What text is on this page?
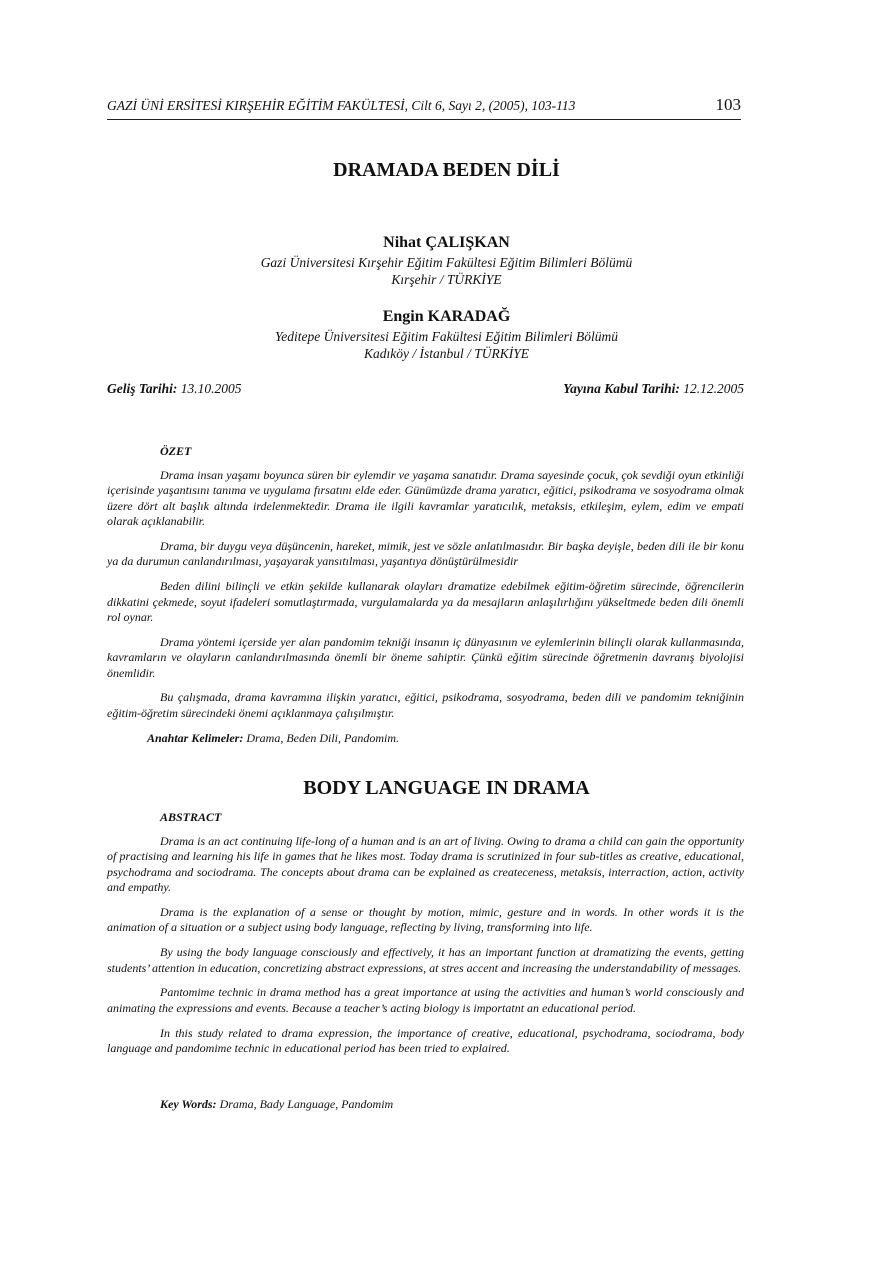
GAZİ ÜNİ ERSİTESİ KIRŞEHİR EĞİTİM FAKÜLTESİ, Cilt 6, Sayı 2, (2005), 103-113	103
DRAMADA BEDEN DİLİ
Nihat ÇALIŞKAN
Gazi Üniversitesi Kırşehir Eğitim Fakültesi Eğitim Bilimleri Bölümü
Kırşehir / TÜRKİYE
Engin KARADAĞ
Yeditepe Üniversitesi Eğitim Fakültesi Eğitim Bilimleri Bölümü
Kadıköy / İstanbul / TÜRKİYE
Geliş Tarihi: 13.10.2005	Yayına Kabul Tarihi: 12.12.2005
ÖZET

Drama insan yaşamı boyunca süren bir eylemdir ve yaşama sanatıdır. Drama sayesinde çocuk, çok sevdiği oyun etkinliği içerisinde yaşantısını tanıma ve uygulama fırsatını elde eder. Günümüzde drama yaratıcı, eğitici, psikodrama ve sosyodrama olmak üzere dört alt başlık altında irdelenmektedir. Drama ile ilgili kavramlar yaratıcılık, metaksis, etkileşim, eylem, edim ve empati olarak açıklanabilir.

Drama, bir duygu veya düşüncenin, hareket, mimik, jest ve sözle anlatılmasıdır. Bir başka deyişle, beden dili ile bir konu ya da durumun canlandırılması, yaşayarak yansıtılması, yaşantıya dönüştürülmesidir

Beden dilini bilinçli ve etkin şekilde kullanarak olayları dramatize edebilmek eğitim-öğretim sürecinde, öğrencilerin dikkatini çekmede, soyut ifadeleri somutlaştırmada, vurgulamalarda ya da mesajların anlaşılırlığını yükseltmede beden dili önemli rol oynar.

Drama yöntemi içerside yer alan pandomim tekniği insanın iç dünyasının ve eylemlerinin bilinçli olarak kullanmasında, kavramların ve olayların canlandırılmasında önemli bir öneme sahiptir. Çünkü eğitim sürecinde öğretmenin davranış biyolojisi önemlidir.

Bu çalışmada, drama kavramına ilişkin yaratıcı, eğitici, psikodrama, sosyodrama, beden dili ve pandomim tekniğinin eğitim-öğretim sürecindeki önemi açıklanmaya çalışılmıştır.

Anahtar Kelimeler: Drama, Beden Dili, Pandomim.
BODY LANGUAGE IN DRAMA
ABSTRACT

Drama is an act continuing life-long of a human and is an art of living. Owing to drama a child can gain the opportunity of practising and learning his life in games that he likes most. Today drama is scrutinized in four sub-titles as creative, educational, psychodrama and sociodrama. The concepts about drama can be explained as createceness, metaksis, interraction, action, activity and empathy.

Drama is the explanation of a sense or thought by motion, mimic, gesture and in words. In other words it is the animation of a situation or a subject using body language, reflecting by living, transforming into life.

By using the body language consciously and effectively, it has an important function at dramatizing the events, getting students’ attention in education, concretizing abstract expressions, at stres accent and increasing the understandability of messages.

Pantomime technic in drama method has a great importance at using the activities and human’s world consciously and animating the expressions and events. Because a teacher’s acting biology is importatnt an educational period.

In this study related to drama expression, the importance of creative, educational, psychodrama, sociodrama, body language and pandomime technic in educational period has been tried to explaired.

Key Words: Drama, Bady Language, Pandomim
